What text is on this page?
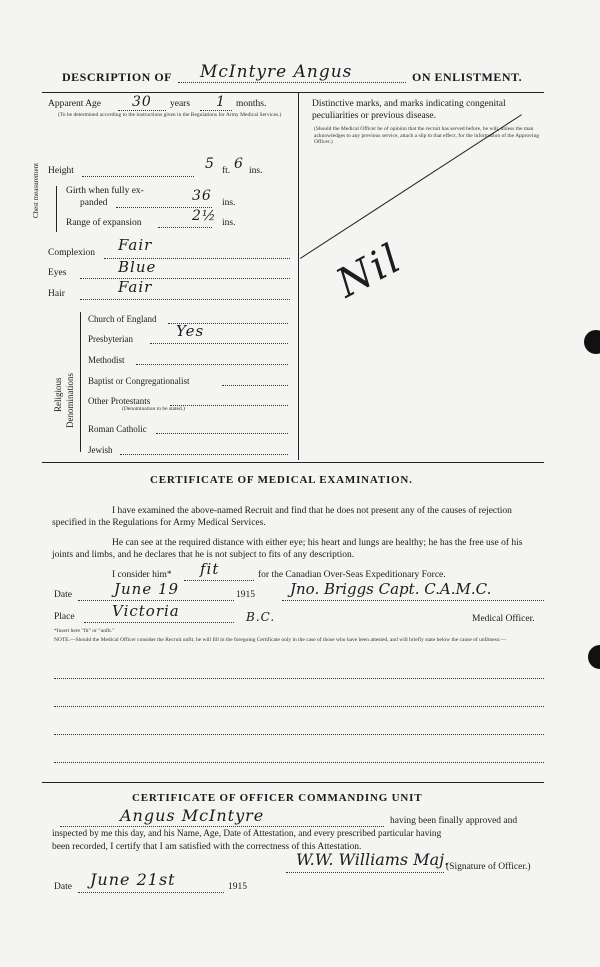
DESCRIPTION OF McIntyre Angus	ON ENLISTMENT.
Apparent Age 30 years 1 months.
(To be determined according to the instructions given in the Regulations for Army Medical Services.)
Height	5 ft. 6 ins.
Chest measurement	Girth when fully ex-
panded	36 ins.
Range of expansion	2½ ins.
Complexion Fair
Eyes	Blue
Hair	Fair
Religious Denominations
Church of England
Presbyterian	Yes
Methodist
Baptist or Congregationalist
Other Protestants
(Denomination to be stated.)
Roman Catholic
Jewish
Distinctive marks, and marks indicating congenital peculiarities or previous disease.
(Should the Medical Officer be of opinion that the recruit has served before, he will, unless the man acknowledges to any previous service, attach a slip to that effect, for the information of the Approving Officer.)
Nil
CERTIFICATE OF MEDICAL EXAMINATION.
I have examined the above-named Recruit and find that he does not present any of the causes of rejection specified in the Regulations for Army Medical Services.
He can see at the required distance with either eye; his heart and lungs are healthy; he has the free use of his joints and limbs, and he declares that he is not subject to fits of any description.
I consider him* fit	for the Canadian Over-Seas Expeditionary Force.
Date	June 19	1915 Jno. Briggs Capt. C.A.M.C.
Place Victoria	B.C.	Medical Officer.
*Insert here "fit" or "unfit."
NOTE.—Should the Medical Officer consider the Recruit unfit, he will fill in the foregoing Certificate only in the case of those who have been attested, and will briefly state below the cause of unfitness:—
CERTIFICATE OF OFFICER COMMANDING UNIT
Angus McIntyre	having been finally approved and
inspected by me this day, and his Name, Age, Date of Attestation, and every prescribed particular having
been recorded, I certify that I am satisfied with the correctness of this Attestation.
W.W. Williams Maj.
(Signature of Officer.)
Date June 21st	1915
